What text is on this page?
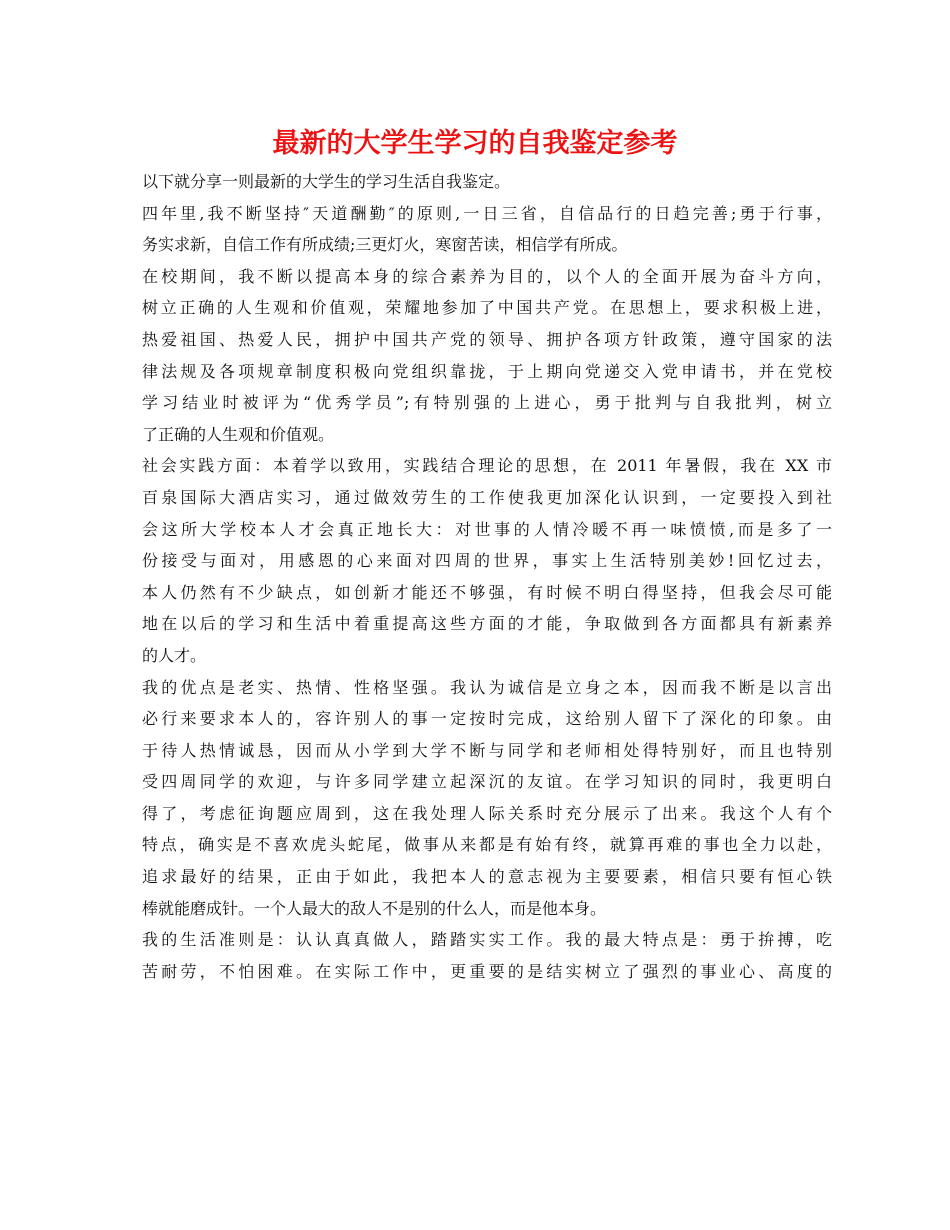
最新的大学生学习的自我鉴定参考
以下就分享一则最新的大学生的学习生活自我鉴定。
四年里,我不断坚持″天道酬勤″的原则,一日三省，自信品行的日趋完善;勇于行事，
务实求新，自信工作有所成绩;三更灯火，寒窗苦读，相信学有所成。
在校期间，我不断以提高本身的综合素养为目的，以个人的全面开展为奋斗方向，
树立正确的人生观和价值观，荣耀地参加了中国共产党。在思想上，要求积极上进，
热爱祖国、热爱人民，拥护中国共产党的领导、拥护各项方针政策，遵守国家的法
律法规及各项规章制度积极向党组织靠拢，于上期向党递交入党申请书，并在党校
学习结业时被评为“优秀学员”;有特别强的上进心，勇于批判与自我批判，树立
了正确的人生观和价值观。
社会实践方面：本着学以致用，实践结合理论的思想，在 2011 年暑假，我在 XX 市
百泉国际大酒店实习，通过做效劳生的工作使我更加深化认识到，一定要投入到社
会这所大学校本人才会真正地长大：对世事的人情冷暖不再一味愤愤,而是多了一
份接受与面对，用感恩的心来面对四周的世界，事实上生活特别美妙!回忆过去，
本人仍然有不少缺点，如创新才能还不够强，有时候不明白得坚持，但我会尽可能
地在以后的学习和生活中着重提高这些方面的才能，争取做到各方面都具有新素养
的人才。
我的优点是老实、热情、性格坚强。我认为诚信是立身之本，因而我不断是以言出
必行来要求本人的，容许别人的事一定按时完成，这给别人留下了深化的印象。由
于待人热情诚恳，因而从小学到大学不断与同学和老师相处得特别好，而且也特别
受四周同学的欢迎，与许多同学建立起深沉的友谊。在学习知识的同时，我更明白
得了，考虑征询题应周到，这在我处理人际关系时充分展示了出来。我这个人有个
特点，确实是不喜欢虎头蛇尾，做事从来都是有始有终，就算再难的事也全力以赴，
追求最好的结果，正由于如此，我把本人的意志视为主要要素，相信只要有恒心铁
棒就能磨成针。一个人最大的敌人不是别的什么人，而是他本身。
我的生活准则是：认认真真做人，踏踏实实工作。我的最大特点是：勇于拚搏，吃
苦耐劳，不怕困难。在实际工作中，更重要的是结实树立了强烈的事业心、高度的
